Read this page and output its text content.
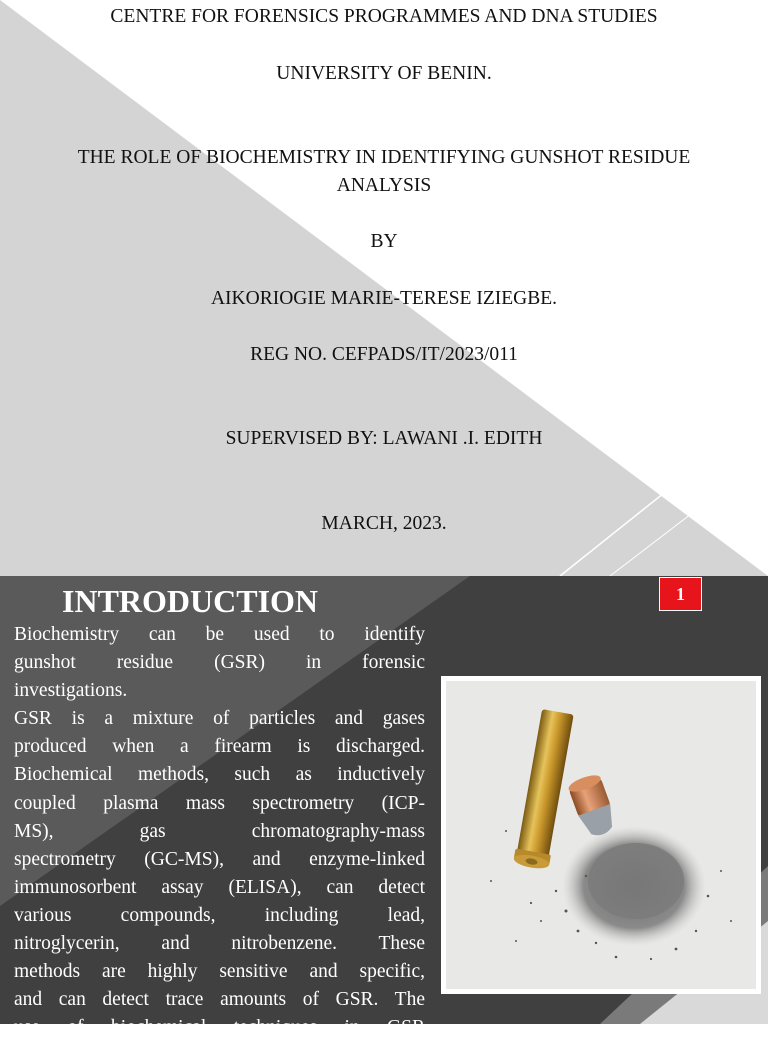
CENTRE FOR FORENSICS PROGRAMMES AND DNA STUDIES

UNIVERSITY OF BENIN.

THE ROLE OF BIOCHEMISTRY IN IDENTIFYING GUNSHOT RESIDUE

ANALYSIS

BY

AIKORIOGIE MARIE-TERESE IZIEGBE.

REG NO. CEFPADS/IT/2023/011

SUPERVISED BY: LAWANI .I. EDITH

MARCH, 2023.

INTRODUCTION	1
Biochemistry can be used to identify
gunshot residue (GSR) in forensic
investigations.
GSR is a mixture of particles and gases
produced when a firearm is discharged.
Biochemical methods, such as inductively
coupled plasma mass spectrometry (ICP-
MS), gas chromatography-mass
spectrometry (GC-MS), and enzyme-linked
immunosorbent assay (ELISA), can detect
various compounds, including lead,
nitroglycerin, and nitrobenzene. These
methods are highly sensitive and specific,
and can detect trace amounts of GSR. The
use of biochemical techniques in GSR
